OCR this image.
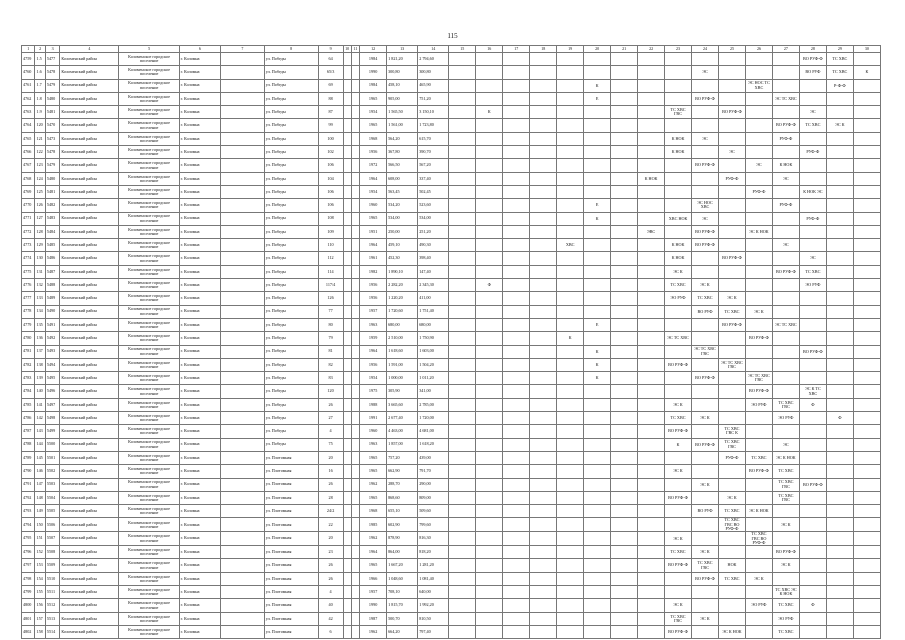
115
1	2	3	4	5	6	7	8	9	10	11	12	13	14	15	16	17	18	19	20	21	22	23	24	25	26	27	28	29	30
4759	1.5	5477	Коломенский район	Коломенское городское поселение	г. Коломна		ул. Победы	64			1984	1 821,20	2 794,60														ВО РУФ-Ф	ТС ХВС	
4760	1.6	5478	Коломенский район	Коломенское городское поселение	г. Коломна		ул. Победы	65/3			1990	300,80	300,80										ЭС				ВО РУФ	ТС ХВС	К
4761	1.7	5479	Коломенский район	Коломенское городское поселение	г. Коломна		ул. Победы	69			1984	458,10	465,90						К						ЭС НОС ТС ХВС			Р-Ф-Ф	
4762	1.8	5480	Коломенский район	Коломенское городское поселение	г. Коломна		ул. Победы	88			1965	905,00	751,20						Е				ВО РУФ-Ф			ЭС ТС ХВС			
4763	1.9	5481	Коломенский район	Коломенское городское поселение	г. Коломна		ул. Победы	87			1954	1 565,50	3 150,10		К							ТС ХВС ГВС		ВО РУФ-Ф			ЭС		
4764	120	5470	Коломенский район	Коломенское городское поселение	г. Коломна		ул. Победы	99			1965	1 561,00	1 723,80													ВО РУФ-Ф	ТС ХВС	ЭС К	
4765	121	5473	Коломенский район	Коломенское городское поселение	г. Коломна		ул. Победы	100			1968	564,20	615,70									К НОК	ЭС			РУФ-Ф			
4766	122	5478	Коломенский район	Коломенское городское поселение	г. Коломна		ул. Победы	102			1956	367,80	390,70									К НОК		ЭС			РУФ-Ф		
4767	123	5479	Коломенский район	Коломенское городское поселение	г. Коломна		ул. Победы	106			1972	566,50	567,20										ВО РУФ-Ф		ЭС	К НОК			
4768	124	5480	Коломенский район	Коломенское городское поселение	г. Коломна		ул. Победы	104			1964	608,00	337,40								К НОК			РУФ-Ф		ЭС			
4769	125	5481	Коломенский район	Коломенское городское поселение	г. Коломна		ул. Победы	106			1954	563,45	502,45												РУФ-Ф		К НОК ЭС		
4770	126	5482	Коломенский район	Коломенское городское поселение	г. Коломна		ул. Победы	106			1960	534,20	523,60						Е				ЭС НОС ХВС			РУФ-Ф			
4771	127	5483	Коломенский район	Коломенское городское поселение	г. Коломна		ул. Победы	108			1965	534,00	534,00						К			ХВС НОК	ЭС				РУФ-Ф		
4772	128	5484	Коломенский район	Коломенское городское поселение	г. Коломна		ул. Победы	109			1951	250,00	251,20								ЭВС		ВО РУФ-Ф		ЭС К НОК				
4773	129	5485	Коломенский район	Коломенское городское поселение	г. Коломна		ул. Победы	110			1964	459,10	490,30					ХВС				К НОК	ВО РУФ-Ф			ЭС			
4774	130	5486	Коломенский район	Коломенское городское поселение	г. Коломна		ул. Победы	112			1961	452,30	398,40									К НОК		ВО РУФ-Ф			ЭС		
4775	131	5487	Коломенский район	Коломенское городское поселение	г. Коломна		ул. Победы	114			1982	1 890,10	147,40									ЭС К				ВО РУФ-Ф	ТС ХВС		
4776	132	5488	Коломенский район	Коломенское городское поселение	г. Коломна		ул. Победы	117/4			1956	2 282,20	2 345,30		Ф							ТС ХВС	ЭС К				ЭО РУФ		
4777	133	5489	Коломенский район	Коломенское городское поселение	г. Коломна		ул. Победы	126			1956	1 220,20	411,00									ЭО РУФ	ТС ХВС	ЭС К					
4778	134	5490	Коломенский район	Коломенское городское поселение	г. Коломна		ул. Победы	77			1957	1 720,60	1 751,40										ВО РУФ	ТС ХВС	ЭС К				
4779	135	5491	Коломенский район	Коломенское городское поселение	г. Коломна		ул. Победы	80			1963	680,00	680,00						Е					ВО РУФ-Ф		ЭС ТС ХВС			
4780	136	5492	Коломенский район	Коломенское городское поселение	г. Коломна		ул. Победы	79			1959	2 510,00	1 750,90					К				ЭС ТС ХВС			ВО РУФ-Ф				
4781	137	5493	Коломенский район	Коломенское городское поселение	г. Коломна		ул. Победы	81			1964	1 618,60	1 603,00						К				ЭС ТС ХВС ГВС				ВО РУФ-Ф		
4782	138	5494	Коломенский район	Коломенское городское поселение	г. Коломна		ул. Победы	82			1956	1 591,00	1 504,20						К			ВО РУФ-Ф		ЭС ТС ХВС ГВС					
4783	139	5495	Коломенский район	Коломенское городское поселение	г. Коломна		ул. Победы	83			1954	1 000,00	1 011,20						К				ВО РУФ-Ф		ЭС ТС ХВС ГВС				
4784	140	5496	Коломенский район	Коломенское городское поселение	г. Коломна		ул. Победы	120			1975	305,90	341,00												ВО РУФ-Ф		ЭС К ТС ХВС		
4785	141	5497	Коломенский район	Коломенское городское поселение	г. Коломна		ул. Победы	26			1988	3 665,60	2 785,00									ЭС К			ЭО РУФ	ТС ХВС ГВС	Ф		
4786	142	5498	Коломенский район	Коломенское городское поселение	г. Коломна		ул. Победы	27			1991	2 677,40	1 720,00									ТС ХВС	ЭС К			ЭО РУФ		Ф	
4787	143	5499	Коломенский район	Коломенское городское поселение	г. Коломна		ул. Победы	4			1960	4 463,00	4 681,00									ВО РУФ-Ф		ТС ХВС ГВС К					
4788	144	5500	Коломенский район	Коломенское городское поселение	г. Коломна		ул. Победы	75			1963	1 857,00	1 618,20									К	ВО РУФ-Ф	ТС ХВС ГВС		ЭС			
4789	145	5501	Коломенский район	Коломенское городское поселение	г. Коломна		ул. Плотомная	20			1965	757,20	439,00											РУФ-Ф	ТС ХВС	ЭС К НОК			
4790	146	5502	Коломенский район	Коломенское городское поселение	г. Коломна		ул. Плотомная	16			1965	662,90	791,70									ЭС К			ВО РУФ-Ф	ТС ХВС			
4791	147	5503	Коломенский район	Коломенское городское поселение	г. Коломна		ул. Плотомная	26			1962	288,70	290,00										ЭС К			ТС ХВС ГВС	ВО РУФ-Ф		
4792	148	5504	Коломенский район	Коломенское городское поселение	г. Коломна		ул. Плотомная	28			1965	868,60	809,00									ВО РУФ-Ф		ЭС К		ТС ХВС ГВС			
4793	149	5505	Коломенский район	Коломенское городское поселение	г. Коломна		ул. Плотомная	24/2			1968	655,10	509,60										ВО РУФ	ТС ХВС	ЭС К НОК				
4794	150	5506	Коломенский район	Коломенское городское поселение	г. Коломна		ул. Плотомная	22			1985	602,90	799,60											ТС ХВС ГВС ВО РУФ-Ф		ЭС К			
4795	151	5507	Коломенский район	Коломенское городское поселение	г. Коломна		ул. Плотомная	20			1962	878,90	816,30									ЭС К			ТС ХВС ГВС ВО РУФ-Ф				
4796	152	5508	Коломенский район	Коломенское городское поселение	г. Коломна		ул. Плотомная	23			1964	864,00	818,20									ТС ХВС	ЭС К			ВО РУФ-Ф			
4797	153	5509	Коломенский район	Коломенское городское поселение	г. Коломна		ул. Плотомная	26			1965	1 667,20	1 281,20									ВО РУФ-Ф	ТС ХВС ГВС	НОК		ЭС К			
4798	154	5510	Коломенский район	Коломенское городское поселение	г. Коломна		ул. Плотомная	26			1966	1 048,60	1 081,40										ВО РУФ-Ф	ТС ХВС	ЭС К				
4799	155	5511	Коломенский район	Коломенское городское поселение	г. Коломна		ул. Плотомная	4			1957	708,10	640,00													ТС ХВС ЭС К НОК			
4800	156	5512	Коломенский район	Коломенское городское поселение	г. Коломна		ул. Плотомная	40			1990	1 815,70	1 992,20									ЭС К			ЭО РУФ	ТС ХВС	Ф		
4801	157	5513	Коломенский район	Коломенское городское поселение	г. Коломна		ул. Плотомная	42			1987	500,70	810,50									ТС ХВС ГВС	ЭС К			ЭО РУФ			
4802	158	5514	Коломенский район	Коломенское городское поселение	г. Коломна		ул. Плотомная	6			1962	664,20	797,40									ВО РУФ-Ф		ЭС К НОК		ТС ХВС			
